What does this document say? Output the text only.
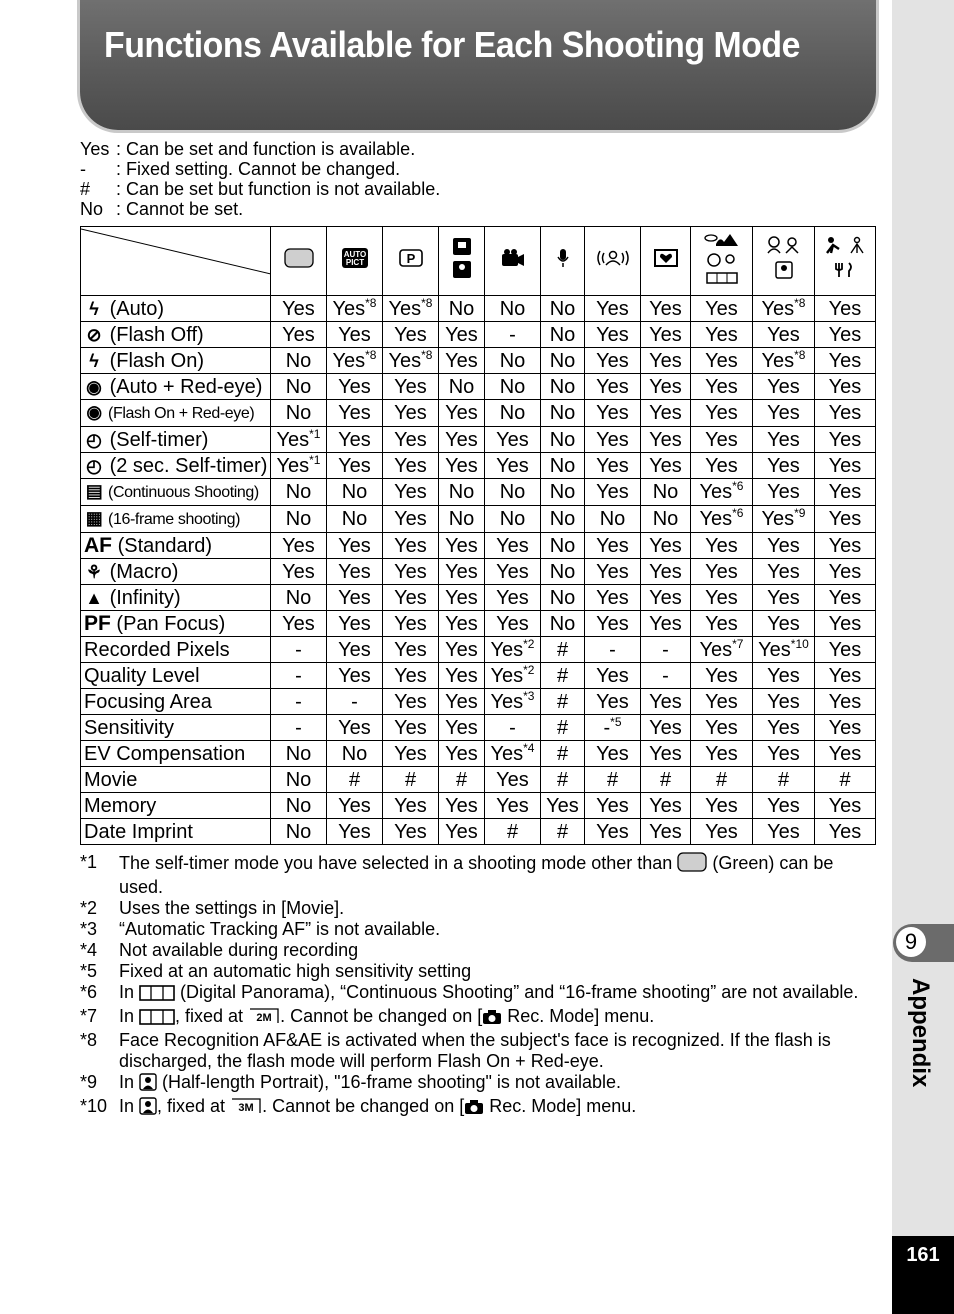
Functions Available for Each Shooting Mode
9
Appendix
161
Yes : Can be set and function is available.
-	: Fixed setting. Cannot be changed.
#	: Can be set but function is not available.
No : Cannot be set.

AUTO
PICT	P

ϟ (Auto)	Yes	Yes$^{*8}$	Yes$^{*8}$	No	No	No	Yes	Yes	Yes	Yes$^{*8}$	Yes
⊘ (Flash Off)	Yes	Yes	Yes	Yes	-	No	Yes	Yes	Yes	Yes	Yes
ϟ (Flash On)	No	Yes$^{*8}$	Yes$^{*8}$	Yes	No	No	Yes	Yes	Yes	Yes$^{*8}$	Yes
◉ (Auto + Red-eye)	No	Yes	Yes	No	No	No	Yes	Yes	Yes	Yes	Yes
◉ (Flash On + Red-eye)	No	Yes	Yes	Yes	No	No	Yes	Yes	Yes	Yes	Yes
◴ (Self-timer)	Yes$^{*1}$	Yes	Yes	Yes	Yes	No	Yes	Yes	Yes	Yes	Yes
◴ (2 sec. Self-timer)	Yes$^{*1}$	Yes	Yes	Yes	Yes	No	Yes	Yes	Yes	Yes	Yes
▤ (Continuous Shooting)	No	No	Yes	No	No	No	Yes	No	Yes$^{*6}$	Yes	Yes
▦ (16-frame shooting)	No	No	Yes	No	No	No	No	No	Yes$^{*6}$	Yes$^{*9}$	Yes
AF (Standard)	Yes	Yes	Yes	Yes	Yes	No	Yes	Yes	Yes	Yes	Yes
⚘ (Macro)	Yes	Yes	Yes	Yes	Yes	No	Yes	Yes	Yes	Yes	Yes
▲ (Infinity)	No	Yes	Yes	Yes	Yes	No	Yes	Yes	Yes	Yes	Yes
PF (Pan Focus)	Yes	Yes	Yes	Yes	Yes	No	Yes	Yes	Yes	Yes	Yes
Recorded Pixels	-	Yes	Yes	Yes	Yes$^{*2}$	#	-	-	Yes$^{*7}$	Yes$^{*10}$	Yes
Quality Level	-	Yes	Yes	Yes	Yes$^{*2}$	#	Yes	-	Yes	Yes	Yes
Focusing Area	-	-	Yes	Yes	Yes$^{*3}$	#	Yes	Yes	Yes	Yes	Yes
Sensitivity	-	Yes	Yes	Yes	-	#	-$^{*5}$	Yes	Yes	Yes	Yes
EV Compensation	No	No	Yes	Yes	Yes$^{*4}$	#	Yes	Yes	Yes	Yes	Yes
Movie	No	#	#	#	Yes	#	#	#	#	#	#
Memory	No	Yes	Yes	Yes	Yes	Yes	Yes	Yes	Yes	Yes	Yes
Date Imprint	No	Yes	Yes	Yes	#	#	Yes	Yes	Yes	Yes	Yes
*1	The self-timer mode you have selected in a shooting mode other than  (Green) can be used.
*2	Uses the settings in [Movie].
*3	“Automatic Tracking AF” is not available.
*4	Not available during recording
*5	Fixed at an automatic high sensitivity setting
*6	In  (Digital Panorama), “Continuous Shooting” and “16-frame shooting” are not available.
*7	In , fixed at 2M . Cannot be changed on [ Rec. Mode] menu.
*8	Face Recognition AF&AE is activated when the subject's face is recognized. If the flash is discharged, the flash mode will perform Flash On + Red-eye.
*9	In  (Half-length Portrait), "16-frame shooting" is not available.
*10 In , fixed at 3M . Cannot be changed on [ Rec. Mode] menu.
